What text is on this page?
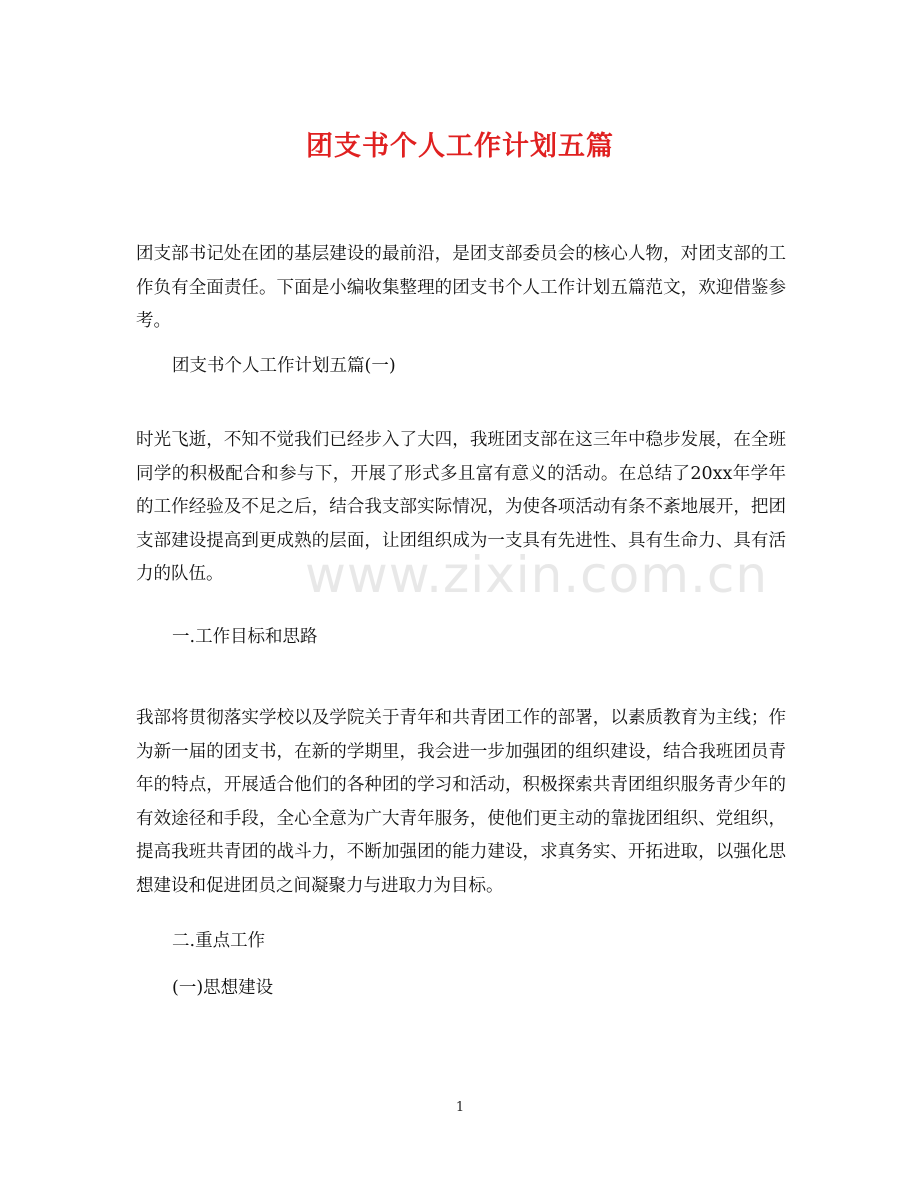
团支书个人工作计划五篇

团支部书记处在团的基层建设的最前沿，是团支部委员会的核心人物，对团支部的工作负有全面责任。下面是小编收集整理的团支书个人工作计划五篇范文，欢迎借鉴参考。

团支书个人工作计划五篇(一)

时光飞逝，不知不觉我们已经步入了大四，我班团支部在这三年中稳步发展，在全班同学的积极配合和参与下，开展了形式多且富有意义的活动。在总结了20xx年学年的工作经验及不足之后，结合我支部实际情况，为使各项活动有条不紊地展开，把团支部建设提高到更成熟的层面，让团组织成为一支具有先进性、具有生命力、具有活力的队伍。

一.工作目标和思路

我部将贯彻落实学校以及学院关于青年和共青团工作的部署，以素质教育为主线；作为新一届的团支书，在新的学期里，我会进一步加强团的组织建设，结合我班团员青年的特点，开展适合他们的各种团的学习和活动，积极探索共青团组织服务青少年的有效途径和手段，全心全意为广大青年服务，使他们更主动的靠拢团组织、党组织，提高我班共青团的战斗力，不断加强团的能力建设，求真务实、开拓进取，以强化思想建设和促进团员之间凝聚力与进取力为目标。

二.重点工作

(一)思想建设

www.zixin.com.cn
1
